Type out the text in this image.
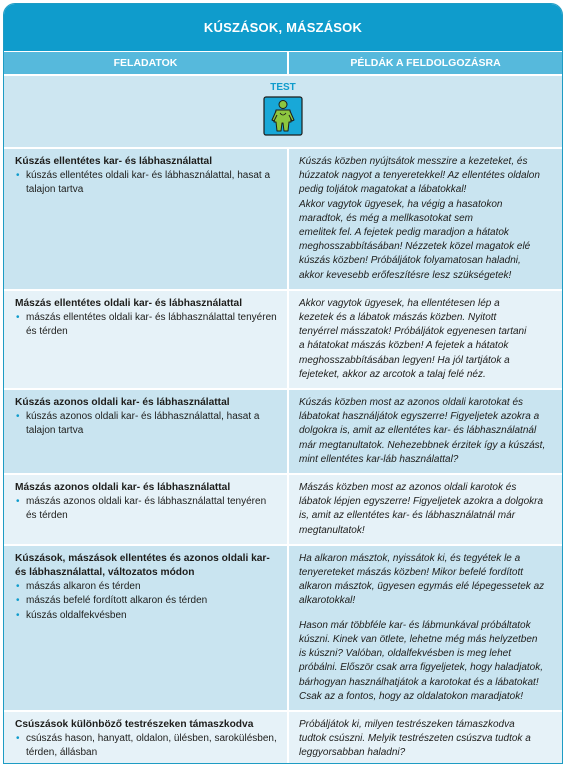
KÚSZÁSOK, MÁSZÁSOK
FELADATOK	PÉLDÁK A FELDOLGOZÁSRA
TEST
Kúszás ellentétes kar- és lábhasználattal
• kúszás ellentétes oldali kar- és lábhasználattal, hasat a talajon tartva
Kúszás közben nyújtsátok messzire a kezeteket, és
húzzatok nagyot a tenyeretekkel! Az ellentétes oldalon
pedig toljátok magatokat a lábatokkal!
Akkor vagytok ügyesek, ha végig a hasatokon
maradtok, és még a mellkasotokat sem
emelitek fel. A fejetek pedig maradjon a hátatok
meghosszabbításában! Nézzetek közel magatok elé
kúszás közben! Próbáljátok folyamatosan haladni,
akkor kevesebb erőfeszítésre lesz szükségetek!
Mászás ellentétes oldali kar- és lábhasználattal
• mászás ellentétes oldali kar- és lábhasználattal tenyéren és térden
Akkor vagytok ügyesek, ha ellentétesen lép a
kezetek és a lábatok mászás közben. Nyitott
tenyérrel másszatok! Próbáljátok egyenesen tartani
a hátatokat mászás közben! A fejetek a hátatok
meghosszabbításában legyen! Ha jól tartjátok a
fejeteket, akkor az arcotok a talaj felé néz.
Kúszás azonos oldali kar- és lábhasználattal
• kúszás azonos oldali kar- és lábhasználattal, hasat a talajon tartva
Kúszás közben most az azonos oldali karotokat és
lábatokat használjátok egyszerre! Figyeljetek azokra a
dolgokra is, amit az ellentétes kar- és lábhasználatnál
már megtanultatok. Nehezebbnek érzitek így a kúszást,
mint ellentétes kar-láb használattal?
Mászás azonos oldali kar- és lábhasználattal
• mászás azonos oldali kar- és lábhasználattal tenyéren és térden
Mászás közben most az azonos oldali karotok és
lábatok lépjen egyszerre! Figyeljetek azokra a dolgokra
is, amit az ellentétes kar- és lábhasználatnál már
megtanultatok!
Kúszások, mászások ellentétes és azonos oldali kar- és lábhasználattal, változatos módon
• mászás alkaron és térden
• mászás befelé fordított alkaron és térden
• kúszás oldalfekvésben
Ha alkaron másztok, nyissátok ki, és tegyétek le a
tenyereteket mászás közben! Mikor befelé fordított
alkaron másztok, ügyesen egymás elé lépegessetek az
alkarotokkal!
Hason már többféle kar- és lábmunkával próbáltatok
kúszni. Kinek van ötlete, lehetne még más helyzetben
is kúszni? Valóban, oldalfekvésben is meg lehet
próbálni. Először csak arra figyeljetek, hogy haladjatok,
bárhogyan használhatjátok a karotokat és a lábatokat!
Csak az a fontos, hogy az oldalatokon maradjatok!
Csúszások különböző testrészeken támaszkodva
• csúszás hason, hanyatt, oldalon, ülésben, sarokülésben, térden, állásban
Próbáljátok ki, milyen testrészeken támaszkodva
tudtok csúszni. Melyik testrészeten csúszva tudtok a
leggyorsabban haladni?
